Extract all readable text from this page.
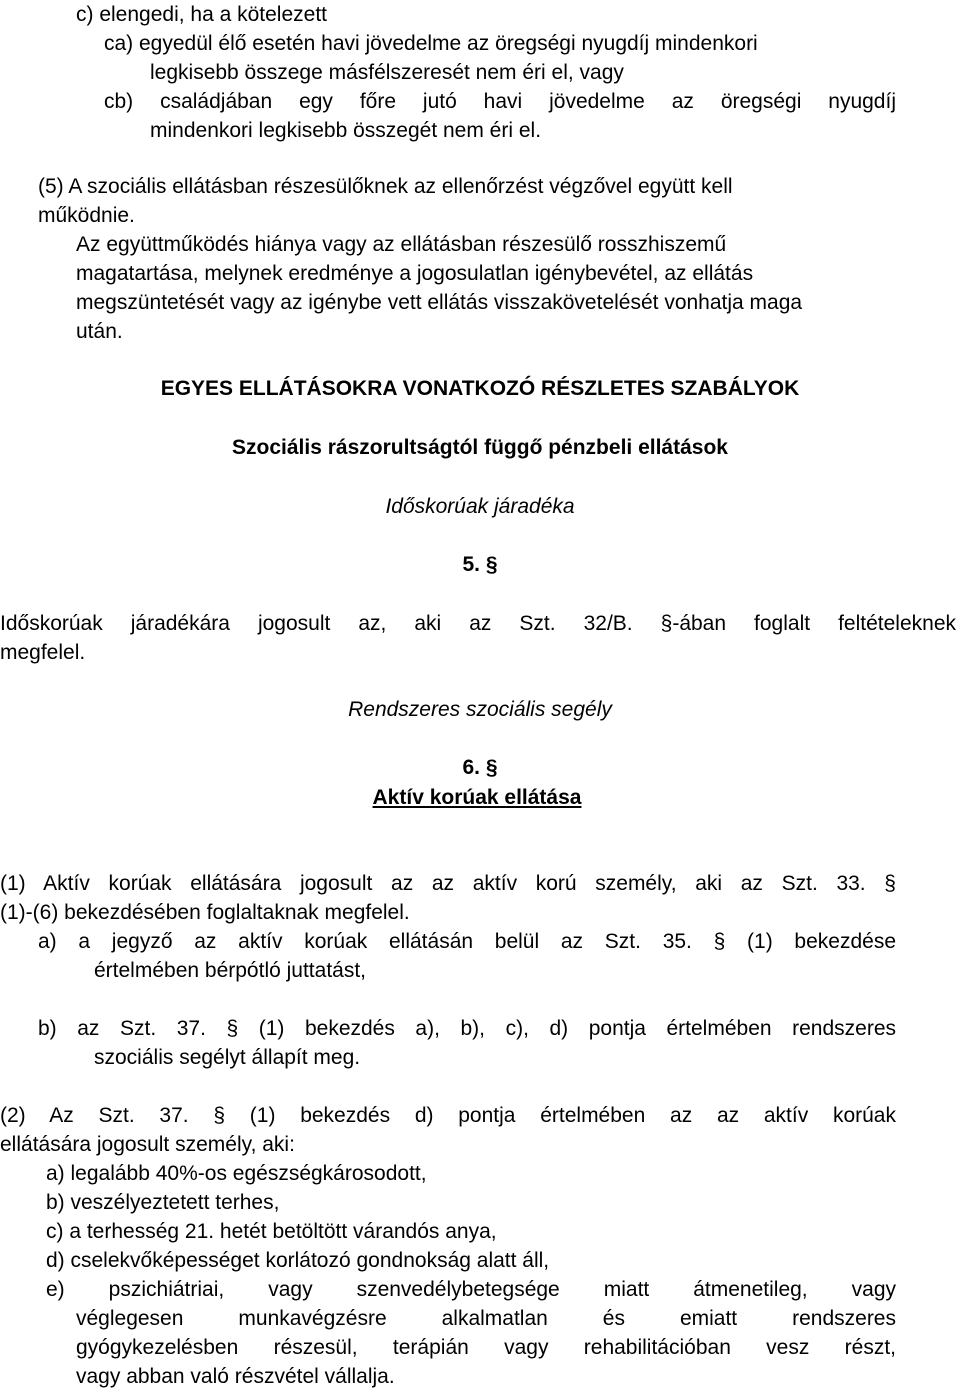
c) elengedi, ha a kötelezett

ca) egyedül élő esetén havi jövedelme az öregségi nyugdíj mindenkori

legkisebb összege másfélszeresét nem éri el, vagy

cb) családjában egy főre jutó havi jövedelme az öregségi nyugdíj

mindenkori legkisebb összegét nem éri el.

(5) A szociális ellátásban részesülőknek az ellenőrzést végzővel együtt kell
működnie.

Az együttműködés hiánya vagy az ellátásban részesülő rosszhiszemű

magatartása, melynek eredménye a jogosulatlan igénybevétel, az ellátás
megszüntetését vagy az igénybe vett ellátás visszakövetelését vonhatja maga
után.

EGYES ELLÁTÁSOKRA VONATKOZÓ RÉSZLETES SZABÁLYOK

Szociális rászorultságtól függő pénzbeli ellátások

Időskorúak járadéka

5. §

Időskorúak járadékára jogosult az, aki az Szt. 32/B. §-ában foglalt feltételeknek

megfelel.

Rendszeres szociális segély

6. §

Aktív korúak ellátása

(1) Aktív korúak ellátására jogosult az az aktív korú személy, aki az Szt. 33. §

(1)-(6) bekezdésében foglaltaknak megfelel.

a) a jegyző az aktív korúak ellátásán belül az Szt. 35. § (1) bekezdése

értelmében bérpótló juttatást,

b) az Szt. 37. § (1) bekezdés a), b), c), d) pontja értelmében rendszeres

szociális segélyt állapít meg.

(2) Az Szt. 37. § (1) bekezdés d) pontja értelmében az az aktív korúak

ellátására jogosult személy, aki:

a) legalább 40%-os egészségkárosodott,
b) veszélyeztetett terhes,
c) a terhesség 21. hetét betöltött várandós anya,
d) cselekvőképességet korlátozó gondnokság alatt áll,

e) pszichiátriai, vagy szenvedélybetegsége miatt átmenetileg, vagy

véglegesen munkavégzésre alkalmatlan és emiatt rendszeres

gyógykezelésben részesül, terápián vagy rehabilitációban vesz részt,

vagy abban való részvétel vállalja.
